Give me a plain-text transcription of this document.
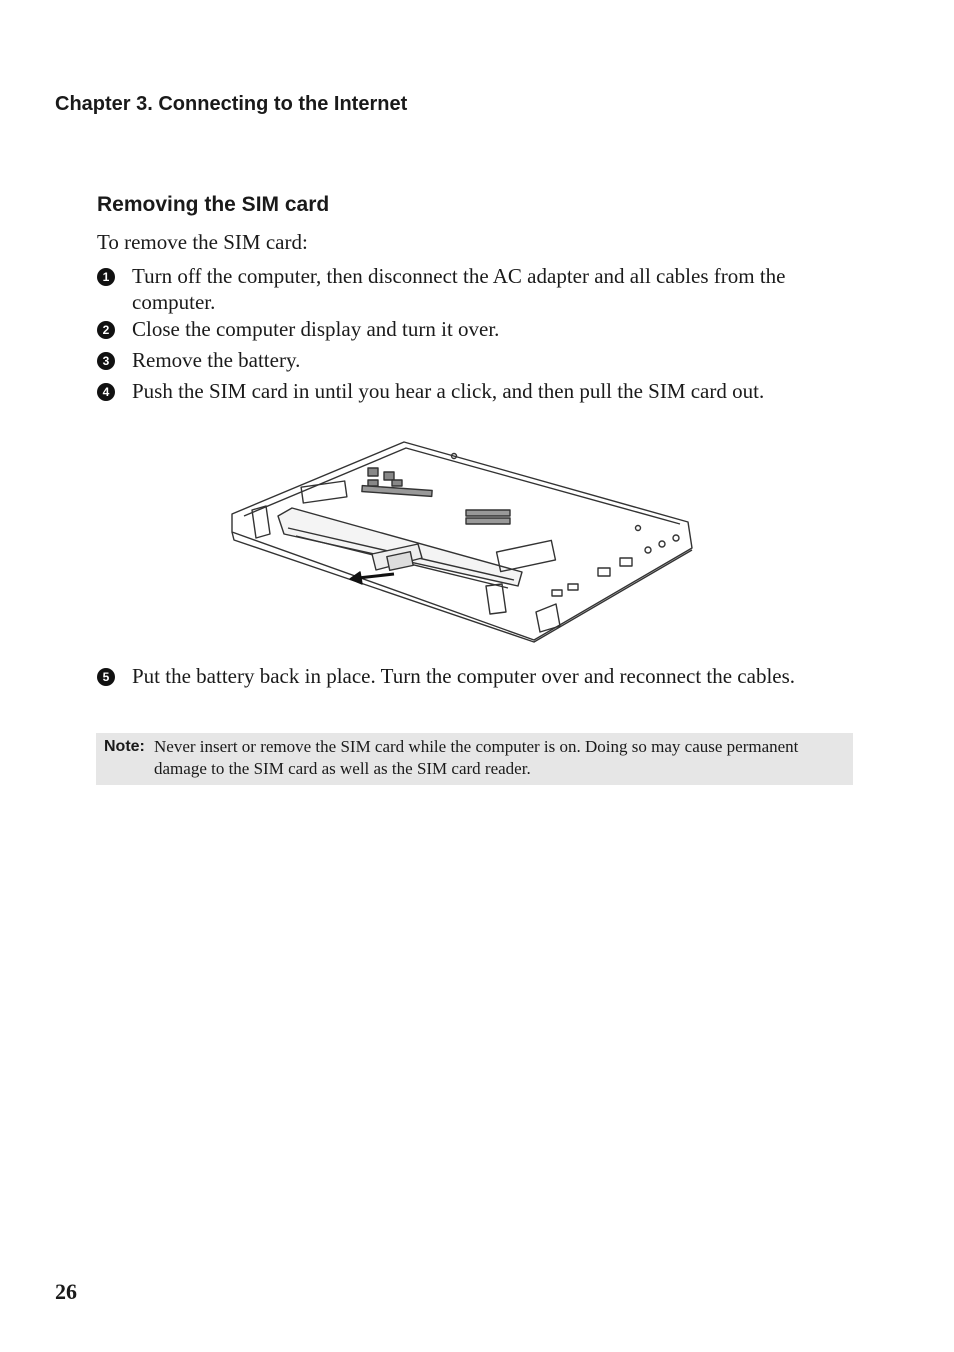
Chapter 3. Connecting to the Internet
Removing the SIM card

To remove the SIM card:

1 Turn off the computer, then disconnect the AC adapter and all cables from the computer.
2 Close the computer display and turn it over.
3 Remove the battery.
4 Push the SIM card in until you hear a click, and then pull the SIM card out.
5 Put the battery back in place. Turn the computer over and reconnect the cables.
Note: Never insert or remove the SIM card while the computer is on. Doing so may cause permanent damage to the SIM card as well as the SIM card reader.
26
